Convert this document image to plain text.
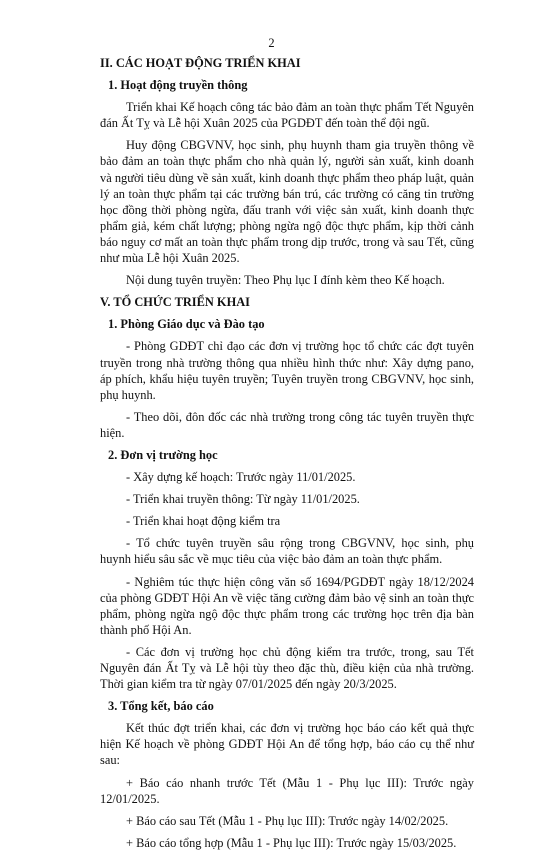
2
II. CÁC HOẠT ĐỘNG TRIỂN KHAI
1. Hoạt động truyền thông
Triển khai Kế hoạch công tác bảo đảm an toàn thực phẩm Tết Nguyên đán Ất Tỵ và Lễ hội Xuân 2025 của PGDĐT đến toàn thể đội ngũ.
Huy động CBGVNV, học sinh, phụ huynh tham gia truyền thông về bảo đảm an toàn thực phẩm cho nhà quản lý, người sản xuất, kinh doanh và người tiêu dùng về sản xuất, kinh doanh thực phẩm theo pháp luật, quản lý an toàn thực phẩm tại các trường bán trú, các trường có căng tin trường học đồng thời phòng ngừa, đấu tranh với việc sản xuất, kinh doanh thực phẩm giả, kém chất lượng; phòng ngừa ngộ độc thực phẩm, kịp thời cảnh báo nguy cơ mất an toàn thực phẩm trong dịp trước, trong và sau Tết, cũng như mùa Lễ hội Xuân 2025.
Nội dung tuyên truyền: Theo Phụ lục I đính kèm theo Kế hoạch.
V. TỔ CHỨC TRIỂN KHAI
1. Phòng Giáo dục và Đào tạo
- Phòng GDĐT chỉ đạo các đơn vị trường học tổ chức các đợt tuyên truyền trong nhà trường thông qua nhiều hình thức như: Xây dựng pano, áp phích, khẩu hiệu tuyên truyền; Tuyên truyền trong CBGVNV, học sinh, phụ huynh.
- Theo dõi, đôn đốc các nhà trường trong công tác tuyên truyền thực hiện.
2. Đơn vị trường học
- Xây dựng kế hoạch: Trước ngày 11/01/2025.
- Triển khai truyền thông: Từ ngày 11/01/2025.
- Triển khai hoạt động kiểm tra
- Tổ chức tuyên truyền sâu rộng trong CBGVNV, học sinh, phụ huynh hiểu sâu sắc về mục tiêu của việc bảo đảm an toàn thực phẩm.
- Nghiêm túc thực hiện công văn số 1694/PGDĐT ngày 18/12/2024 của phòng GDĐT Hội An về việc tăng cường đảm bảo vệ sinh an toàn thực phẩm, phòng ngừa ngộ độc thực phẩm trong các trường học trên địa bàn thành phố Hội An.
- Các đơn vị trường học chủ động kiểm tra trước, trong, sau Tết Nguyên đán Ất Tỵ và Lễ hội tùy theo đặc thù, điều kiện của nhà trường. Thời gian kiểm tra từ ngày 07/01/2025 đến ngày 20/3/2025.
3. Tổng kết, báo cáo
Kết thúc đợt triển khai, các đơn vị trường học báo cáo kết quả thực hiện Kế hoạch về phòng GDĐT Hội An để tổng hợp, báo cáo cụ thể như sau:
+ Báo cáo nhanh trước Tết (Mẫu 1 - Phụ lục III): Trước ngày 12/01/2025.
+ Báo cáo sau Tết (Mẫu 1 - Phụ lục III): Trước ngày 14/02/2025.
+ Báo cáo tổng hợp (Mẫu 1 - Phụ lục III): Trước ngày 15/03/2025.
